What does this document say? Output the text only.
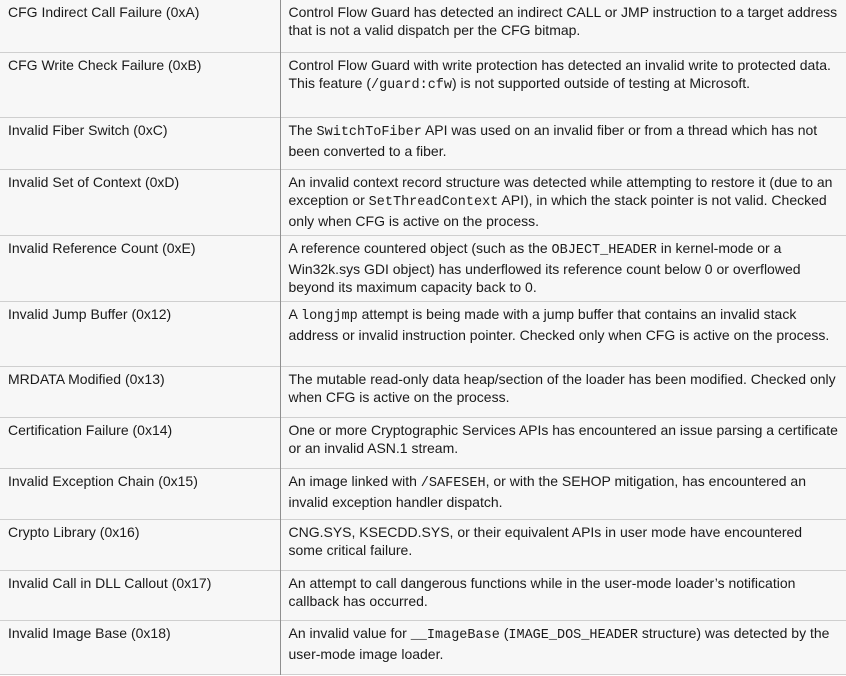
CFG Indirect Call Failure (0xA)	Control Flow Guard has detected an indirect CALL or JMP instruction to a target address that is not a valid dispatch per the CFG bitmap.
CFG Write Check Failure (0xB)	Control Flow Guard with write protection has detected an invalid write to protected data. This feature (/guard:cfw) is not supported outside of testing at Microsoft.
Invalid Fiber Switch (0xC)	The SwitchToFiber API was used on an invalid fiber or from a thread which has not been converted to a fiber.
Invalid Set of Context (0xD)	An invalid context record structure was detected while attempting to restore it (due to an exception or SetThreadContext API), in which the stack pointer is not valid. Checked only when CFG is active on the process.
Invalid Reference Count (0xE)	A reference countered object (such as the OBJECT_HEADER in kernel-mode or a Win32k.sys GDI object) has underflowed its reference count below 0 or overflowed beyond its maximum capacity back to 0.
Invalid Jump Buffer (0x12)	A longjmp attempt is being made with a jump buffer that contains an invalid stack address or invalid instruction pointer. Checked only when CFG is active on the process.
MRDATA Modified (0x13)	The mutable read-only data heap/section of the loader has been modified. Checked only when CFG is active on the process.
Certification Failure (0x14)	One or more Cryptographic Services APIs has encountered an issue parsing a certificate or an invalid ASN.1 stream.
Invalid Exception Chain (0x15)	An image linked with /SAFESEH, or with the SEHOP mitigation, has encountered an invalid exception handler dispatch.
Crypto Library (0x16)	CNG.SYS, KSECDD.SYS, or their equivalent APIs in user mode have encountered some critical failure.
Invalid Call in DLL Callout (0x17)	An attempt to call dangerous functions while in the user-mode loader’s notification callback has occurred.
Invalid Image Base (0x18)	An invalid value for __ImageBase (IMAGE_DOS_HEADER structure) was detected by the user-mode image loader.
